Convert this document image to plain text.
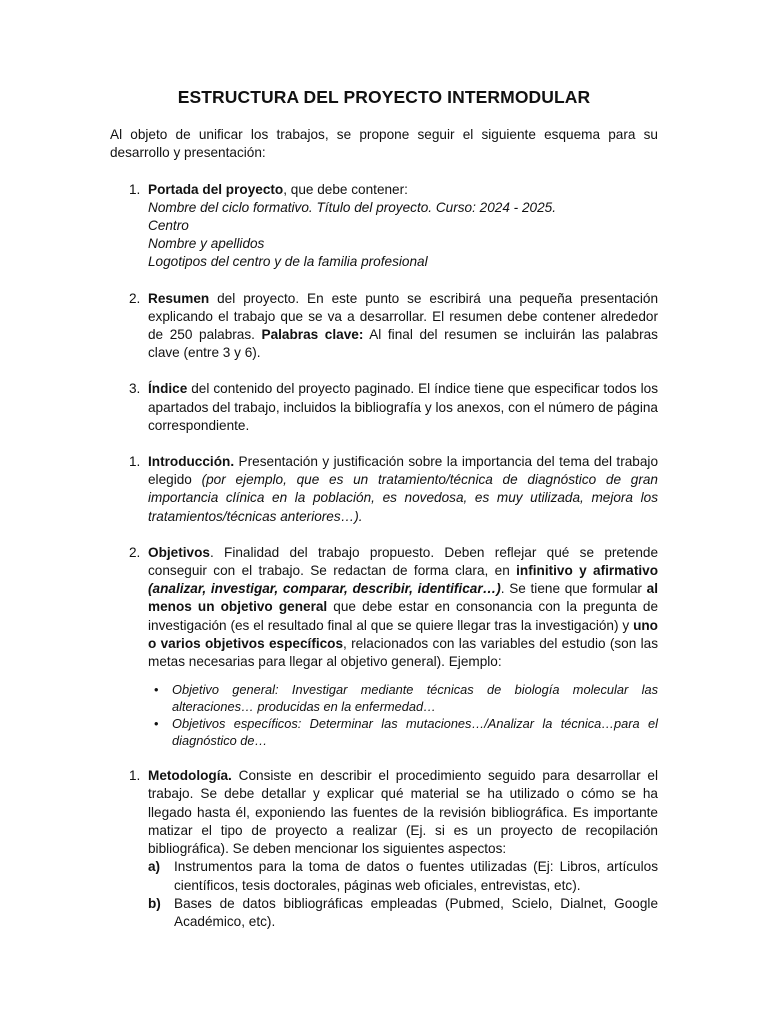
ESTRUCTURA DEL PROYECTO INTERMODULAR

Al objeto de unificar los trabajos, se propone seguir el siguiente esquema para su desarrollo y presentación:

1. Portada del proyecto, que debe contener:
Nombre del ciclo formativo. Título del proyecto. Curso: 2024 - 2025.
Centro
Nombre y apellidos
Logotipos del centro y de la familia profesional
2. Resumen del proyecto. En este punto se escribirá una pequeña presentación explicando el trabajo que se va a desarrollar. El resumen debe contener alrededor de 250 palabras. Palabras clave: Al final del resumen se incluirán las palabras clave (entre 3 y 6).
3. Índice del contenido del proyecto paginado. El índice tiene que especificar todos los apartados del trabajo, incluidos la bibliografía y los anexos, con el número de página correspondiente.
1. Introducción. Presentación y justificación sobre la importancia del tema del trabajo elegido (por ejemplo, que es un tratamiento/técnica de diagnóstico de gran importancia clínica en la población, es novedosa, es muy utilizada, mejora los tratamientos/técnicas anteriores…).
2. Objetivos. Finalidad del trabajo propuesto. Deben reflejar qué se pretende conseguir con el trabajo. Se redactan de forma clara, en infinitivo y afirmativo (analizar, investigar, comparar, describir, identificar…). Se tiene que formular al menos un objetivo general que debe estar en consonancia con la pregunta de investigación (es el resultado final al que se quiere llegar tras la investigación) y uno o varios objetivos específicos, relacionados con las variables del estudio (son las metas necesarias para llegar al objetivo general). Ejemplo:
• Objetivo general: Investigar mediante técnicas de biología molecular las alteraciones… producidas en la enfermedad…
• Objetivos específicos: Determinar las mutaciones…/Analizar la técnica…para el diagnóstico de…
1. Metodología. Consiste en describir el procedimiento seguido para desarrollar el trabajo. Se debe detallar y explicar qué material se ha utilizado o cómo se ha llegado hasta él, exponiendo las fuentes de la revisión bibliográfica. Es importante matizar el tipo de proyecto a realizar (Ej. si es un proyecto de recopilación bibliográfica). Se deben mencionar los siguientes aspectos:
a) Instrumentos para la toma de datos o fuentes utilizadas (Ej: Libros, artículos científicos, tesis doctorales, páginas web oficiales, entrevistas, etc).
b) Bases de datos bibliográficas empleadas (Pubmed, Scielo, Dialnet, Google Académico, etc).
